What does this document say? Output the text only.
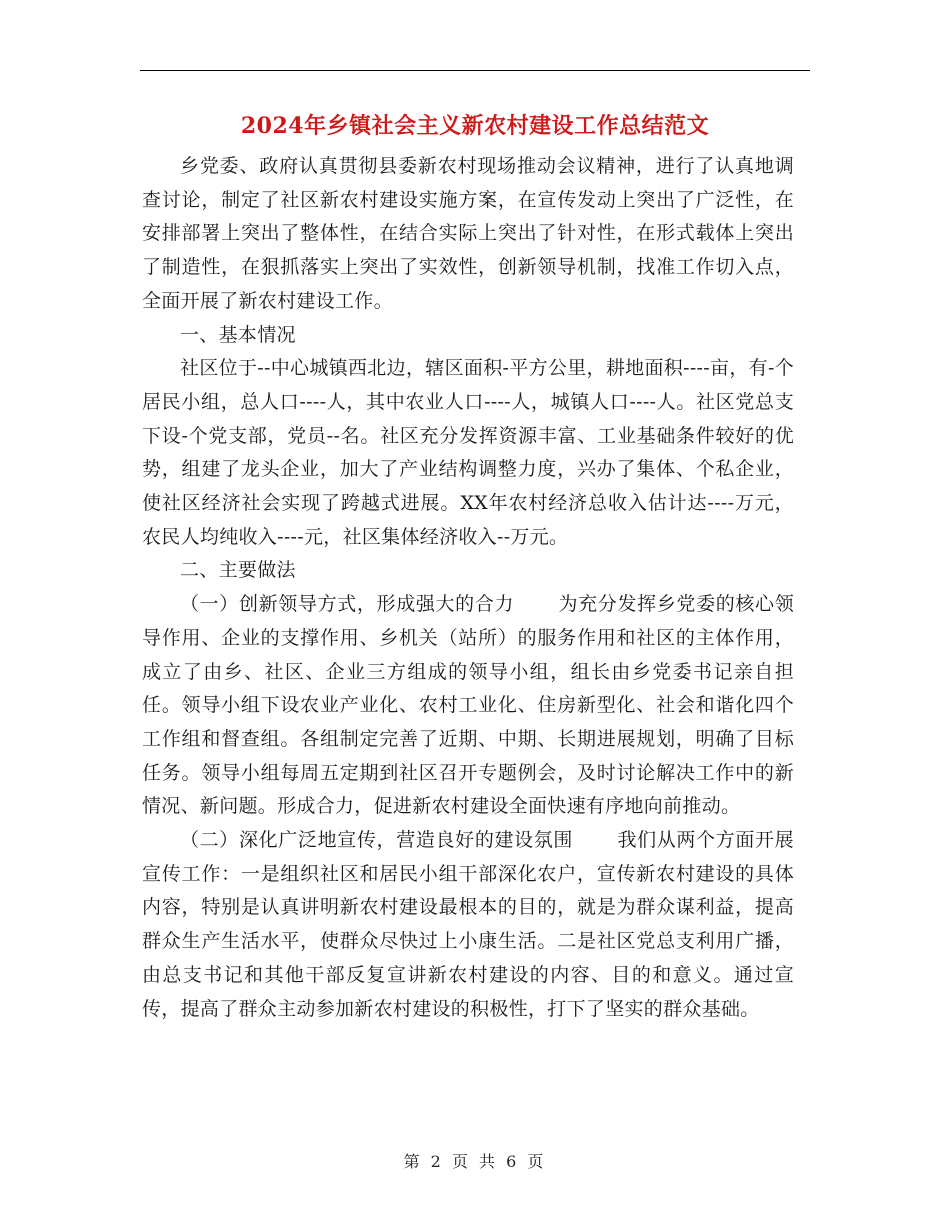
2024年乡镇社会主义新农村建设工作总结范文

乡党委、政府认真贯彻县委新农村现场推动会议精神，进行了认真地调查讨论，制定了社区新农村建设实施方案，在宣传发动上突出了广泛性，在安排部署上突出了整体性，在结合实际上突出了针对性，在形式载体上突出了制造性，在狠抓落实上突出了实效性，创新领导机制，找准工作切入点，全面开展了新农村建设工作。

一、基本情况

社区位于--中心城镇西北边，辖区面积-平方公里，耕地面积----亩，有-个居民小组，总人口----人，其中农业人口----人，城镇人口----人。社区党总支下设-个党支部，党员--名。社区充分发挥资源丰富、工业基础条件较好的优势，组建了龙头企业，加大了产业结构调整力度，兴办了集体、个私企业，使社区经济社会实现了跨越式进展。XX年农村经济总收入估计达----万元，农民人均纯收入----元，社区集体经济收入--万元。

二、主要做法

（一）创新领导方式，形成强大的合力 为充分发挥乡党委的核心领导作用、企业的支撑作用、乡机关（站所）的服务作用和社区的主体作用，成立了由乡、社区、企业三方组成的领导小组，组长由乡党委书记亲自担任。领导小组下设农业产业化、农村工业化、住房新型化、社会和谐化四个工作组和督查组。各组制定完善了近期、中期、长期进展规划，明确了目标任务。领导小组每周五定期到社区召开专题例会，及时讨论解决工作中的新情况、新问题。形成合力，促进新农村建设全面快速有序地向前推动。

（二）深化广泛地宣传，营造良好的建设氛围 我们从两个方面开展宣传工作：一是组织社区和居民小组干部深化农户，宣传新农村建设的具体内容，特别是认真讲明新农村建设最根本的目的，就是为群众谋利益，提高群众生产生活水平，使群众尽快过上小康生活。二是社区党总支利用广播，由总支书记和其他干部反复宣讲新农村建设的内容、目的和意义。通过宣传，提高了群众主动参加新农村建设的积极性，打下了坚实的群众基础。

第 2 页 共 6 页
